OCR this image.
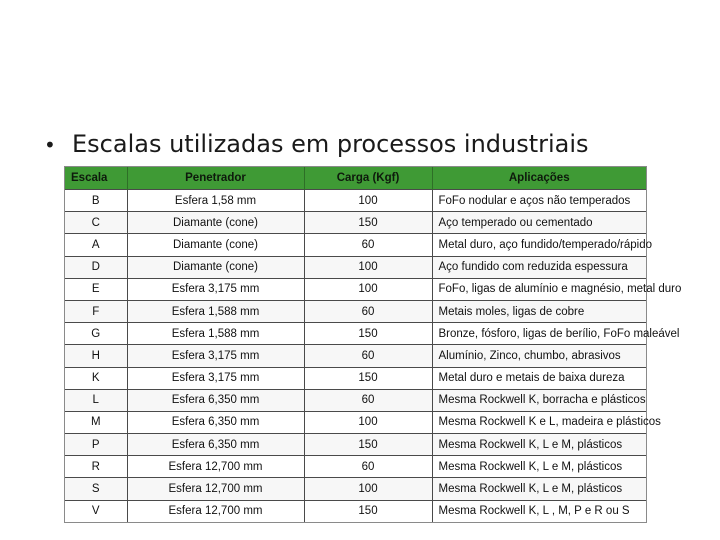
• Escalas utilizadas em processos industriais
Escala	Penetrador	Carga (Kgf)	Aplicações
B	Esfera 1,58 mm	100	FoFo nodular e aços não temperados
C	Diamante (cone)	150	Aço temperado ou cementado
A	Diamante (cone)	60	Metal duro, aço fundido/temperado/rápido
D	Diamante (cone)	100	Aço fundido com reduzida espessura
E	Esfera 3,175 mm	100	FoFo, ligas de alumínio e magnésio, metal duro
F	Esfera 1,588 mm	60	Metais moles, ligas de cobre
G	Esfera 1,588 mm	150	Bronze, fósforo, ligas de berílio, FoFo maleável
H	Esfera 3,175 mm	60	Alumínio, Zinco, chumbo, abrasivos
K	Esfera 3,175 mm	150	Metal duro e metais de baixa dureza
L	Esfera 6,350 mm	60	Mesma Rockwell K, borracha e plásticos
M	Esfera 6,350 mm	100	Mesma Rockwell K e L, madeira e plásticos
P	Esfera 6,350 mm	150	Mesma Rockwell K, L e M, plásticos
R	Esfera 12,700 mm	60	Mesma Rockwell K, L e M, plásticos
S	Esfera 12,700 mm	100	Mesma Rockwell K, L e M, plásticos
V	Esfera 12,700 mm	150	Mesma Rockwell K, L , M, P e R ou S
